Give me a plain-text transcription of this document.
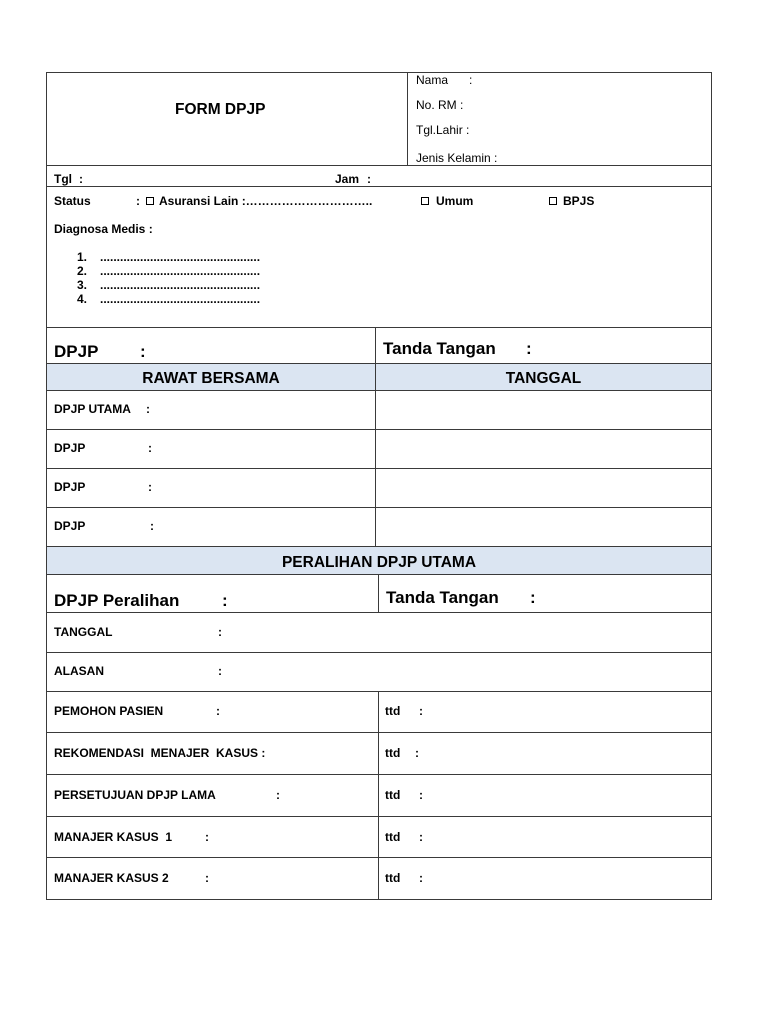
FORM DPJP
Nama :
No. RM :
Tgl.Lahir :
Jenis Kelamin :
Tgl :	Jam :
Status	: Asuransi Lain :…………………………..	Umum	BPJS
Diagnosa Medis :
1. ................................................
2. ................................................
3. ................................................
4. ................................................
DPJP :	Tanda Tangan :
RAWAT BERSAMA	TANGGAL
DPJP UTAMA :
DPJP	:
DPJP	:
DPJP	:
PERALIHAN DPJP UTAMA
DPJP Peralihan	:	Tanda Tangan :
TANGGAL	:
ALASAN	:
PEMOHON PASIEN	:	ttd :
REKOMENDASI  MENAJER  KASUS :	ttd :
PERSETUJUAN DPJP LAMA	:	ttd :
MANAJER KASUS  1	:	ttd :
MANAJER KASUS 2	:	ttd :
